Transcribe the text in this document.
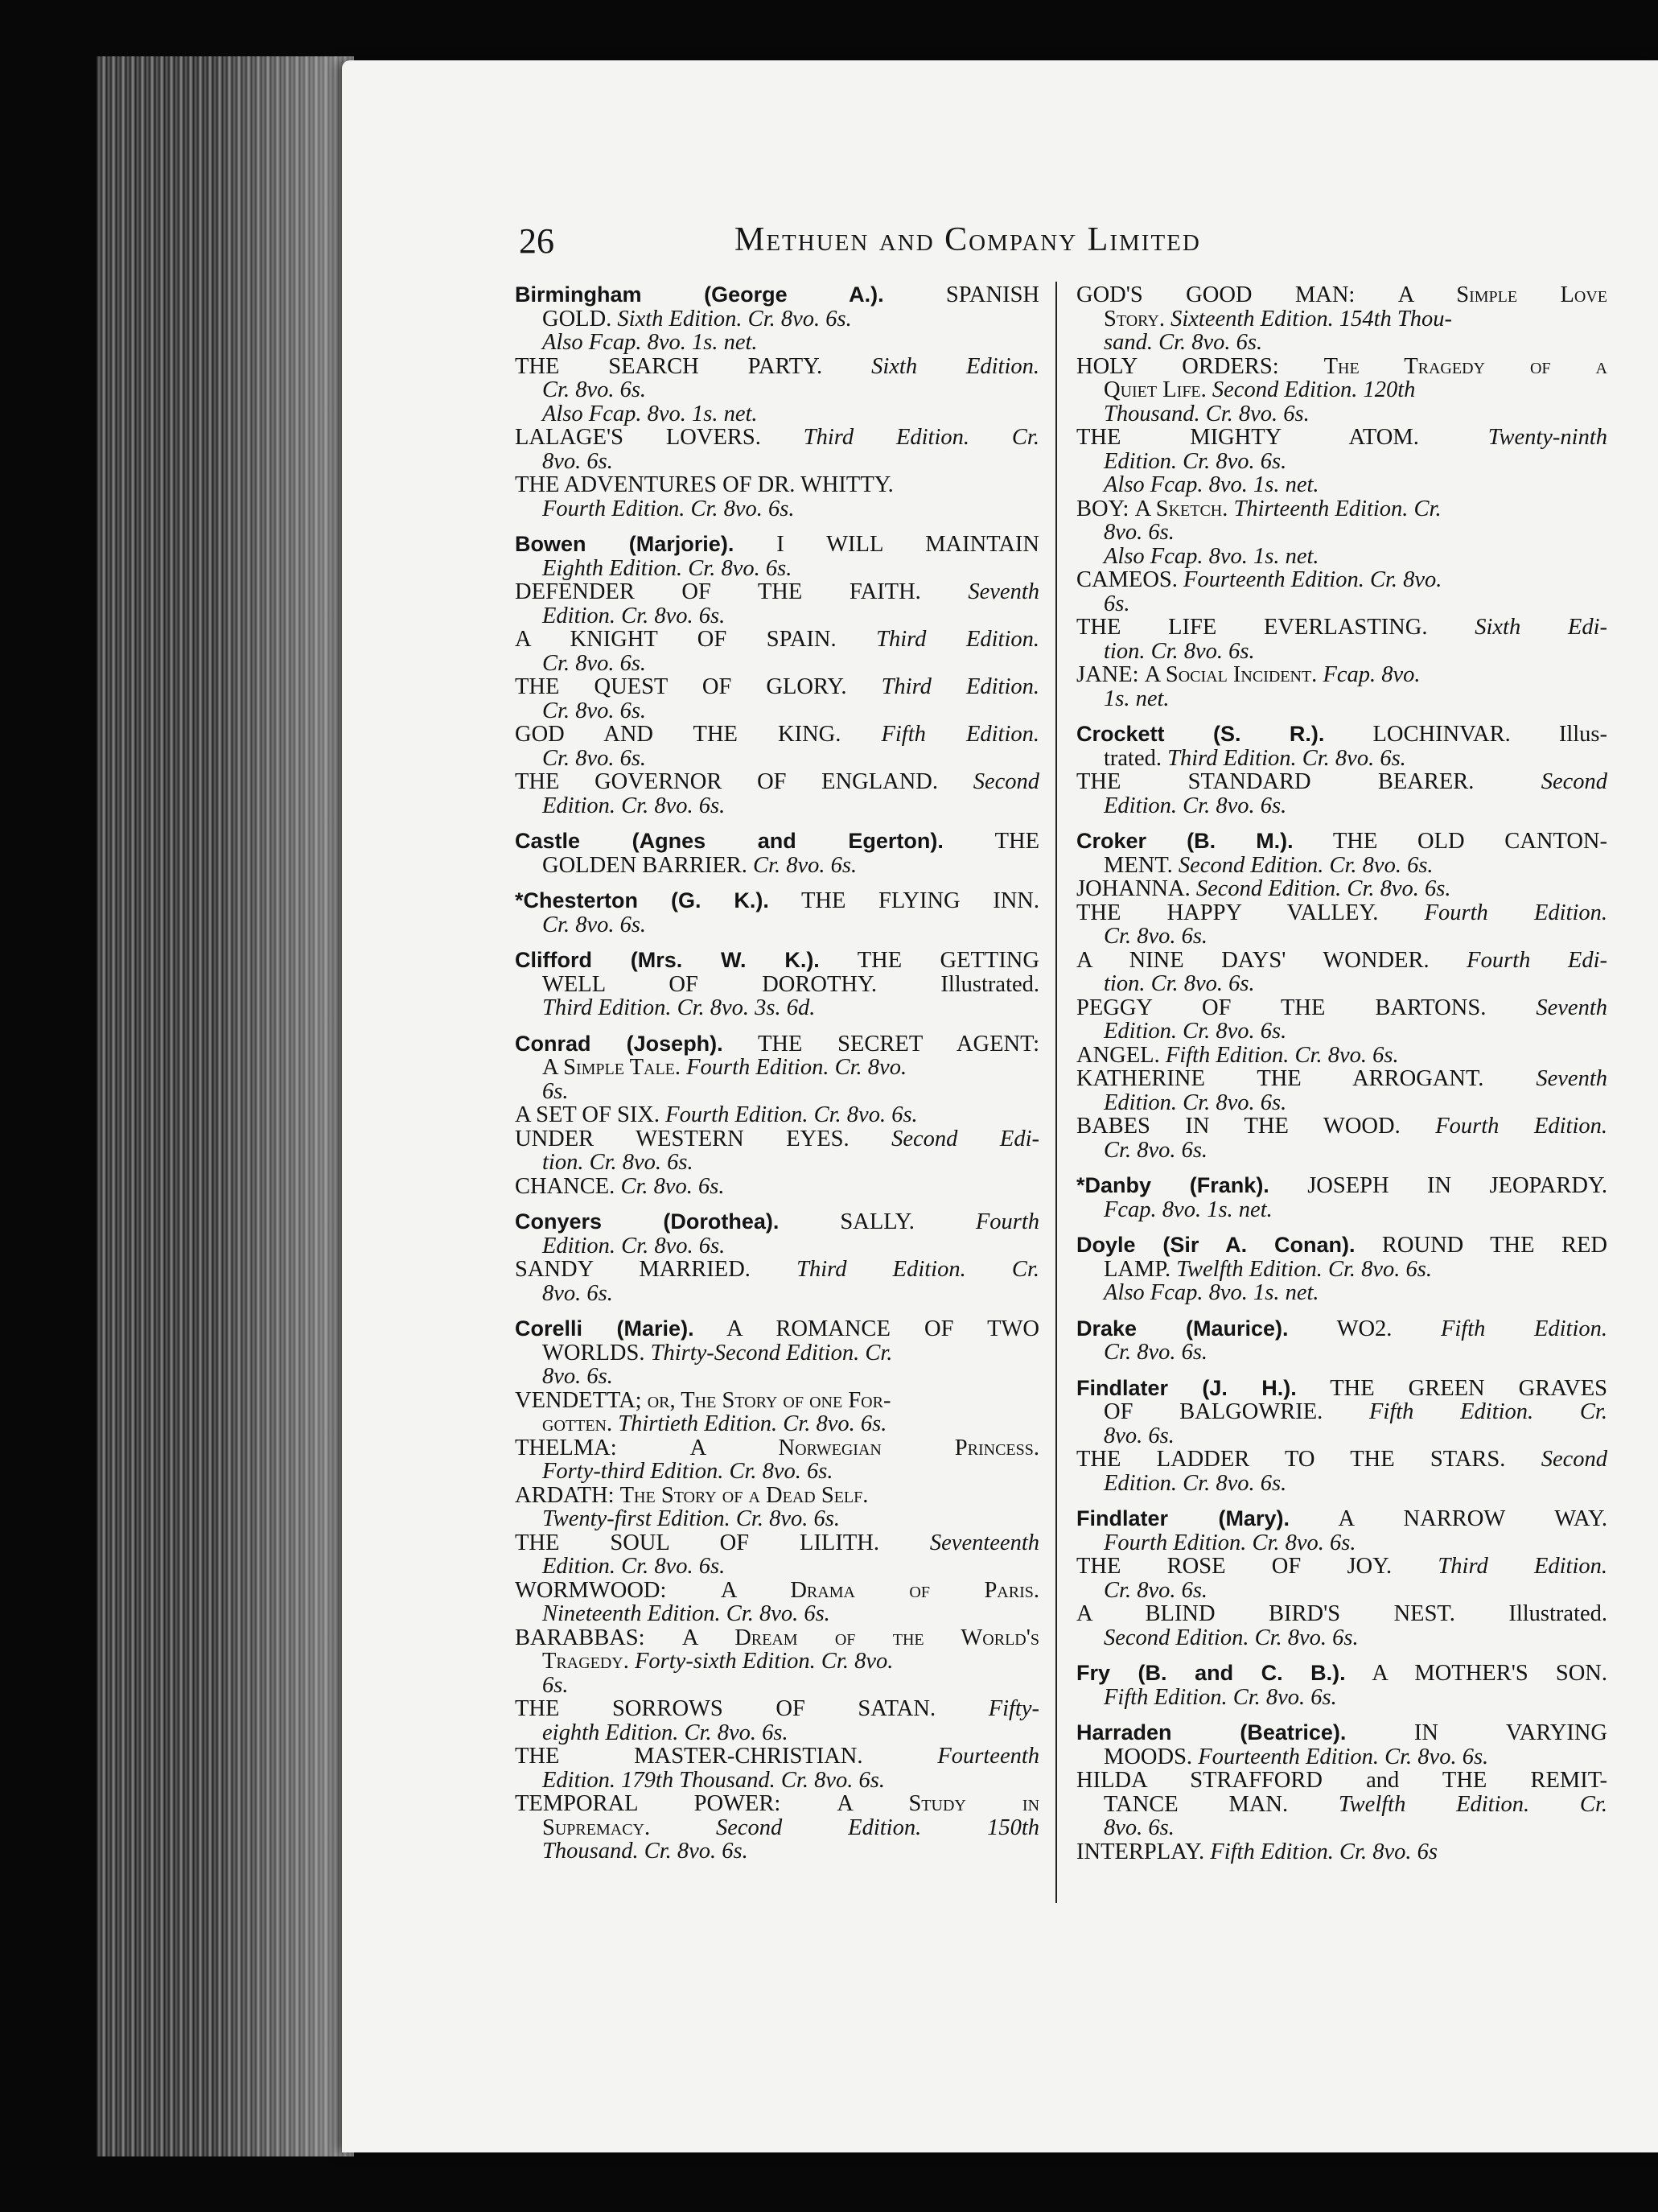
26	Methuen and Company Limited
Birmingham (George A.).	SPANISH
GOLD. Sixth Edition. Cr. 8vo. 6s.
Also Fcap. 8vo. 1s. net.
THE SEARCH PARTY. Sixth Edition.
Cr. 8vo. 6s.
Also Fcap. 8vo. 1s. net.
LALAGE'S LOVERS. Third Edition. Cr.
8vo. 6s.
THE ADVENTURES OF DR. WHITTY.
Fourth Edition. Cr. 8vo. 6s.
Bowen (Marjorie). I WILL MAINTAIN
Eighth Edition. Cr. 8vo. 6s.
DEFENDER OF THE FAITH. Seventh
Edition. Cr. 8vo. 6s.
A KNIGHT OF SPAIN. Third Edition.
Cr. 8vo. 6s.
THE QUEST OF GLORY. Third Edition.
Cr. 8vo. 6s.
GOD AND THE KING. Fifth Edition.
Cr. 8vo. 6s.
THE GOVERNOR OF ENGLAND. Second
Edition. Cr. 8vo. 6s.
Castle (Agnes and Egerton). THE
GOLDEN BARRIER. Cr. 8vo. 6s.
*Chesterton (G. K.). THE FLYING INN.
Cr. 8vo. 6s.
Clifford (Mrs. W. K.). THE GETTING
WELL OF DOROTHY.	Illustrated.
Third Edition. Cr. 8vo. 3s. 6d.
Conrad (Joseph). THE SECRET AGENT:
A Simple Tale. Fourth Edition. Cr. 8vo.
6s.
A SET OF SIX. Fourth Edition. Cr. 8vo. 6s.
UNDER WESTERN EYES. Second Edi-
tion. Cr. 8vo. 6s.
CHANCE. Cr. 8vo. 6s.
Conyers (Dorothea).	SALLY.	Fourth
Edition. Cr. 8vo. 6s.
SANDY MARRIED. Third Edition. Cr.
8vo. 6s.
Corelli (Marie). A ROMANCE OF TWO
WORLDS. Thirty-Second Edition. Cr.
8vo. 6s.
VENDETTA; or, The Story of one For-
gotten. Thirtieth Edition. Cr. 8vo. 6s.
THELMA:	A Norwegian Princess.
Forty-third Edition. Cr. 8vo. 6s.
ARDATH: The Story of a Dead Self.
Twenty-first Edition. Cr. 8vo. 6s.
THE SOUL OF LILITH. Seventeenth
Edition. Cr. 8vo. 6s.
WORMWOOD: A Drama of Paris.
Nineteenth Edition. Cr. 8vo. 6s.
BARABBAS: A Dream of the World's
Tragedy. Forty-sixth Edition. Cr. 8vo.
6s.
THE SORROWS OF SATAN. Fifty-
eighth Edition. Cr. 8vo. 6s.
THE MASTER-CHRISTIAN.	Fourteenth
Edition. 179th Thousand. Cr. 8vo. 6s.
TEMPORAL POWER: A Study in
Supremacy.	Second Edition. 150th
Thousand. Cr. 8vo. 6s.
GOD'S GOOD MAN: A Simple Love
Story. Sixteenth Edition. 154th Thou-
sand. Cr. 8vo. 6s.
HOLY ORDERS: The Tragedy of a
Quiet Life. Second Edition. 120th
Thousand. Cr. 8vo. 6s.
THE MIGHTY ATOM.	Twenty-ninth
Edition. Cr. 8vo. 6s.
Also Fcap. 8vo. 1s. net.
BOY: A Sketch. Thirteenth Edition. Cr.
8vo. 6s.
Also Fcap. 8vo. 1s. net.
CAMEOS. Fourteenth Edition. Cr. 8vo.
6s.
THE LIFE EVERLASTING. Sixth Edi-
tion. Cr. 8vo. 6s.
JANE: A Social Incident. Fcap. 8vo.
1s. net.
Crockett (S. R.). LOCHINVAR. Illus-
trated. Third Edition. Cr. 8vo. 6s.
THE STANDARD BEARER.	Second
Edition. Cr. 8vo. 6s.
Croker (B. M.). THE OLD CANTON-
MENT. Second Edition. Cr. 8vo. 6s.
JOHANNA. Second Edition. Cr. 8vo. 6s.
THE HAPPY VALLEY. Fourth Edition.
Cr. 8vo. 6s.
A NINE DAYS' WONDER. Fourth Edi-
tion. Cr. 8vo. 6s.
PEGGY OF THE BARTONS. Seventh
Edition. Cr. 8vo. 6s.
ANGEL. Fifth Edition. Cr. 8vo. 6s.
KATHERINE THE ARROGANT. Seventh
Edition. Cr. 8vo. 6s.
BABES IN THE WOOD. Fourth Edition.
Cr. 8vo. 6s.
*Danby (Frank). JOSEPH IN JEOPARDY.
Fcap. 8vo. 1s. net.
Doyle (Sir A. Conan). ROUND THE RED
LAMP. Twelfth Edition. Cr. 8vo. 6s.
Also Fcap. 8vo. 1s. net.
Drake (Maurice). WO2. Fifth Edition.
Cr. 8vo. 6s.
Findlater (J. H.). THE GREEN GRAVES
OF BALGOWRIE. Fifth Edition. Cr.
8vo. 6s.
THE LADDER TO THE STARS. Second
Edition. Cr. 8vo. 6s.
Findlater (Mary). A NARROW WAY.
Fourth Edition. Cr. 8vo. 6s.
THE ROSE OF JOY. Third Edition.
Cr. 8vo. 6s.
A BLIND BIRD'S NEST. Illustrated.
Second Edition. Cr. 8vo. 6s.
Fry (B. and C. B.). A MOTHER'S SON.
Fifth Edition. Cr. 8vo. 6s.
Harraden (Beatrice).	IN VARYING
MOODS. Fourteenth Edition. Cr. 8vo. 6s.
HILDA STRAFFORD and THE REMIT-
TANCE MAN. Twelfth Edition. Cr.
8vo. 6s.
INTERPLAY. Fifth Edition. Cr. 8vo. 6s
